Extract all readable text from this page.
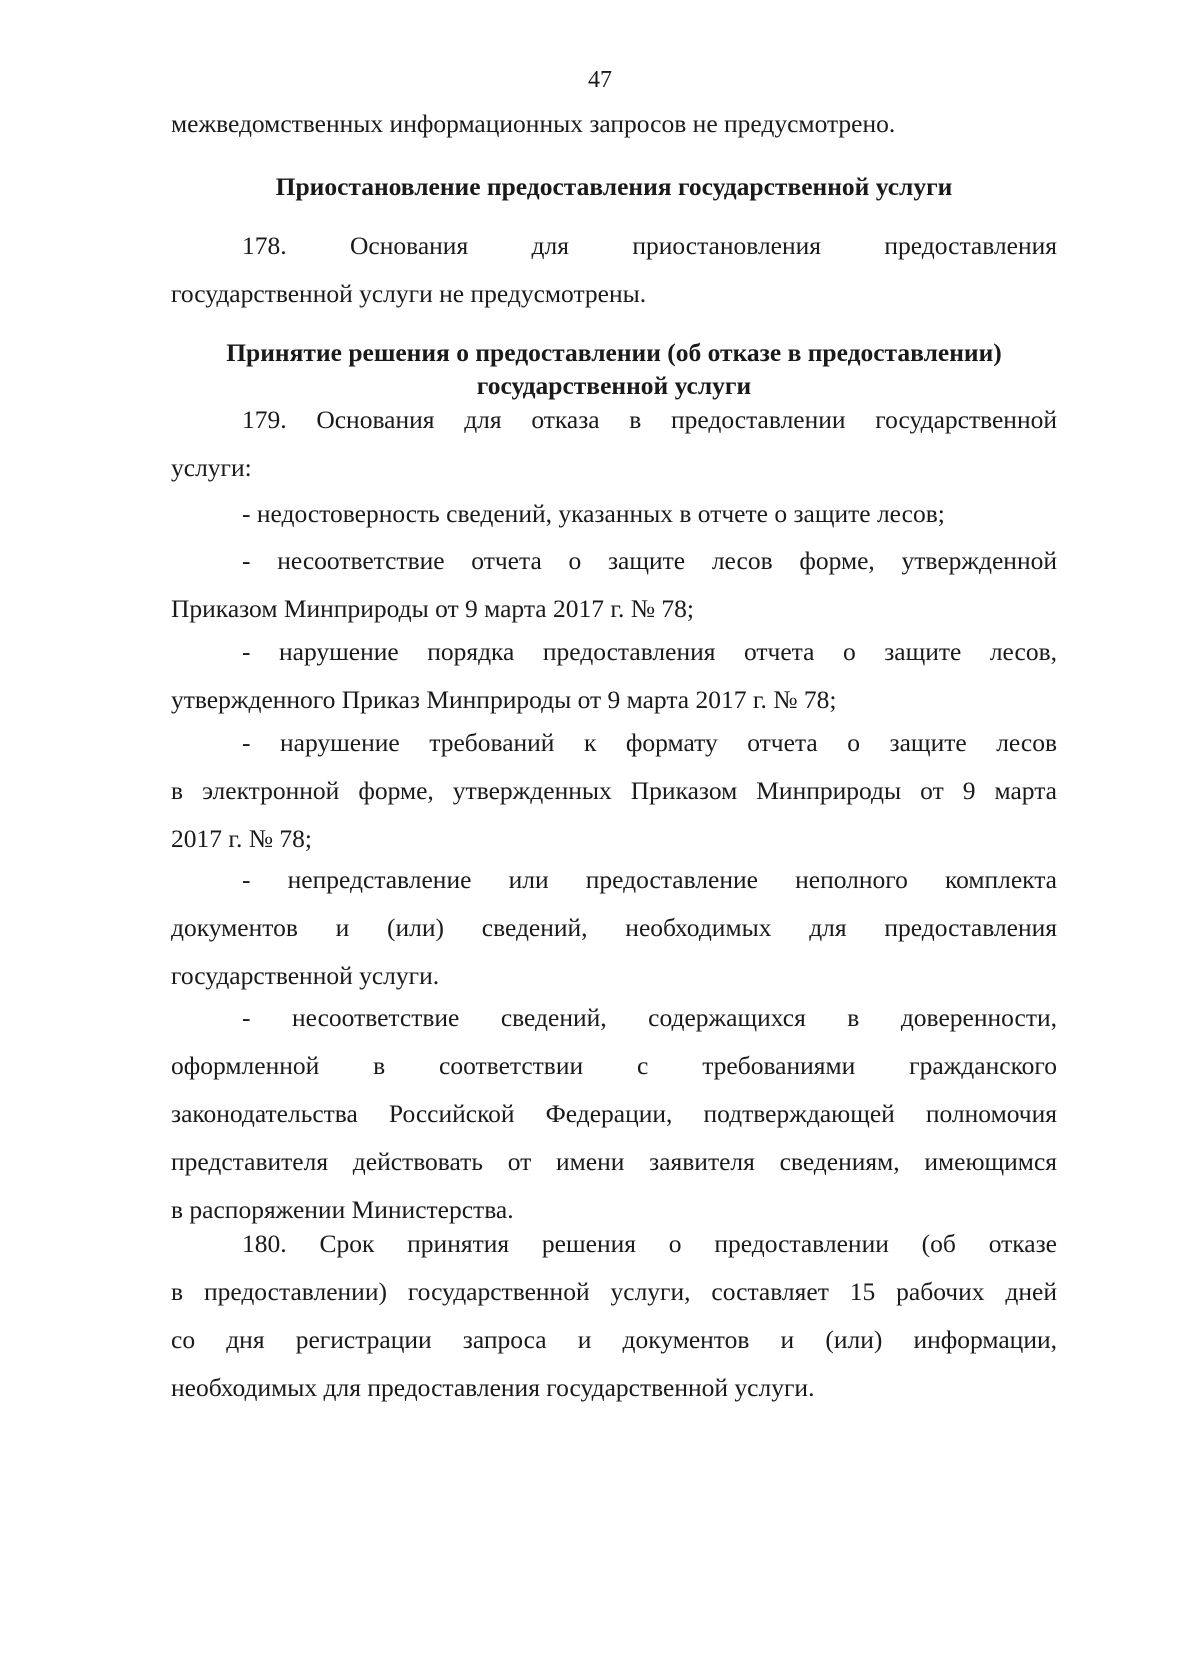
47
межведомственных информационных запросов не предусмотрено.
Приостановление предоставления государственной услуги
178. Основания для приостановления предоставления
государственной услуги не предусмотрены.
Принятие решения о предоставлении (об отказе в предоставлении)
государственной услуги
179. Основания для отказа в предоставлении государственной
услуги:
- недостоверность сведений, указанных в отчете о защите лесов;
- несоответствие отчета о защите лесов форме, утвержденной
Приказом Минприроды от 9 марта 2017 г. № 78;
- нарушение порядка предоставления отчета о защите лесов,
утвержденного Приказ Минприроды от 9 марта 2017 г. № 78;
- нарушение требований к формату отчета о защите лесов
в электронной форме, утвержденных Приказом Минприроды от 9 марта
2017 г. № 78;
- непредставление или предоставление неполного комплекта
документов и (или) сведений, необходимых для предоставления
государственной услуги.
- несоответствие сведений, содержащихся в доверенности,
оформленной в соответствии с требованиями гражданского
законодательства Российской Федерации, подтверждающей полномочия
представителя действовать от имени заявителя сведениям, имеющимся
в распоряжении Министерства.
180. Срок принятия решения о предоставлении (об отказе
в предоставлении) государственной услуги, составляет 15 рабочих дней
со дня регистрации запроса и документов и (или) информации,
необходимых для предоставления государственной услуги.
